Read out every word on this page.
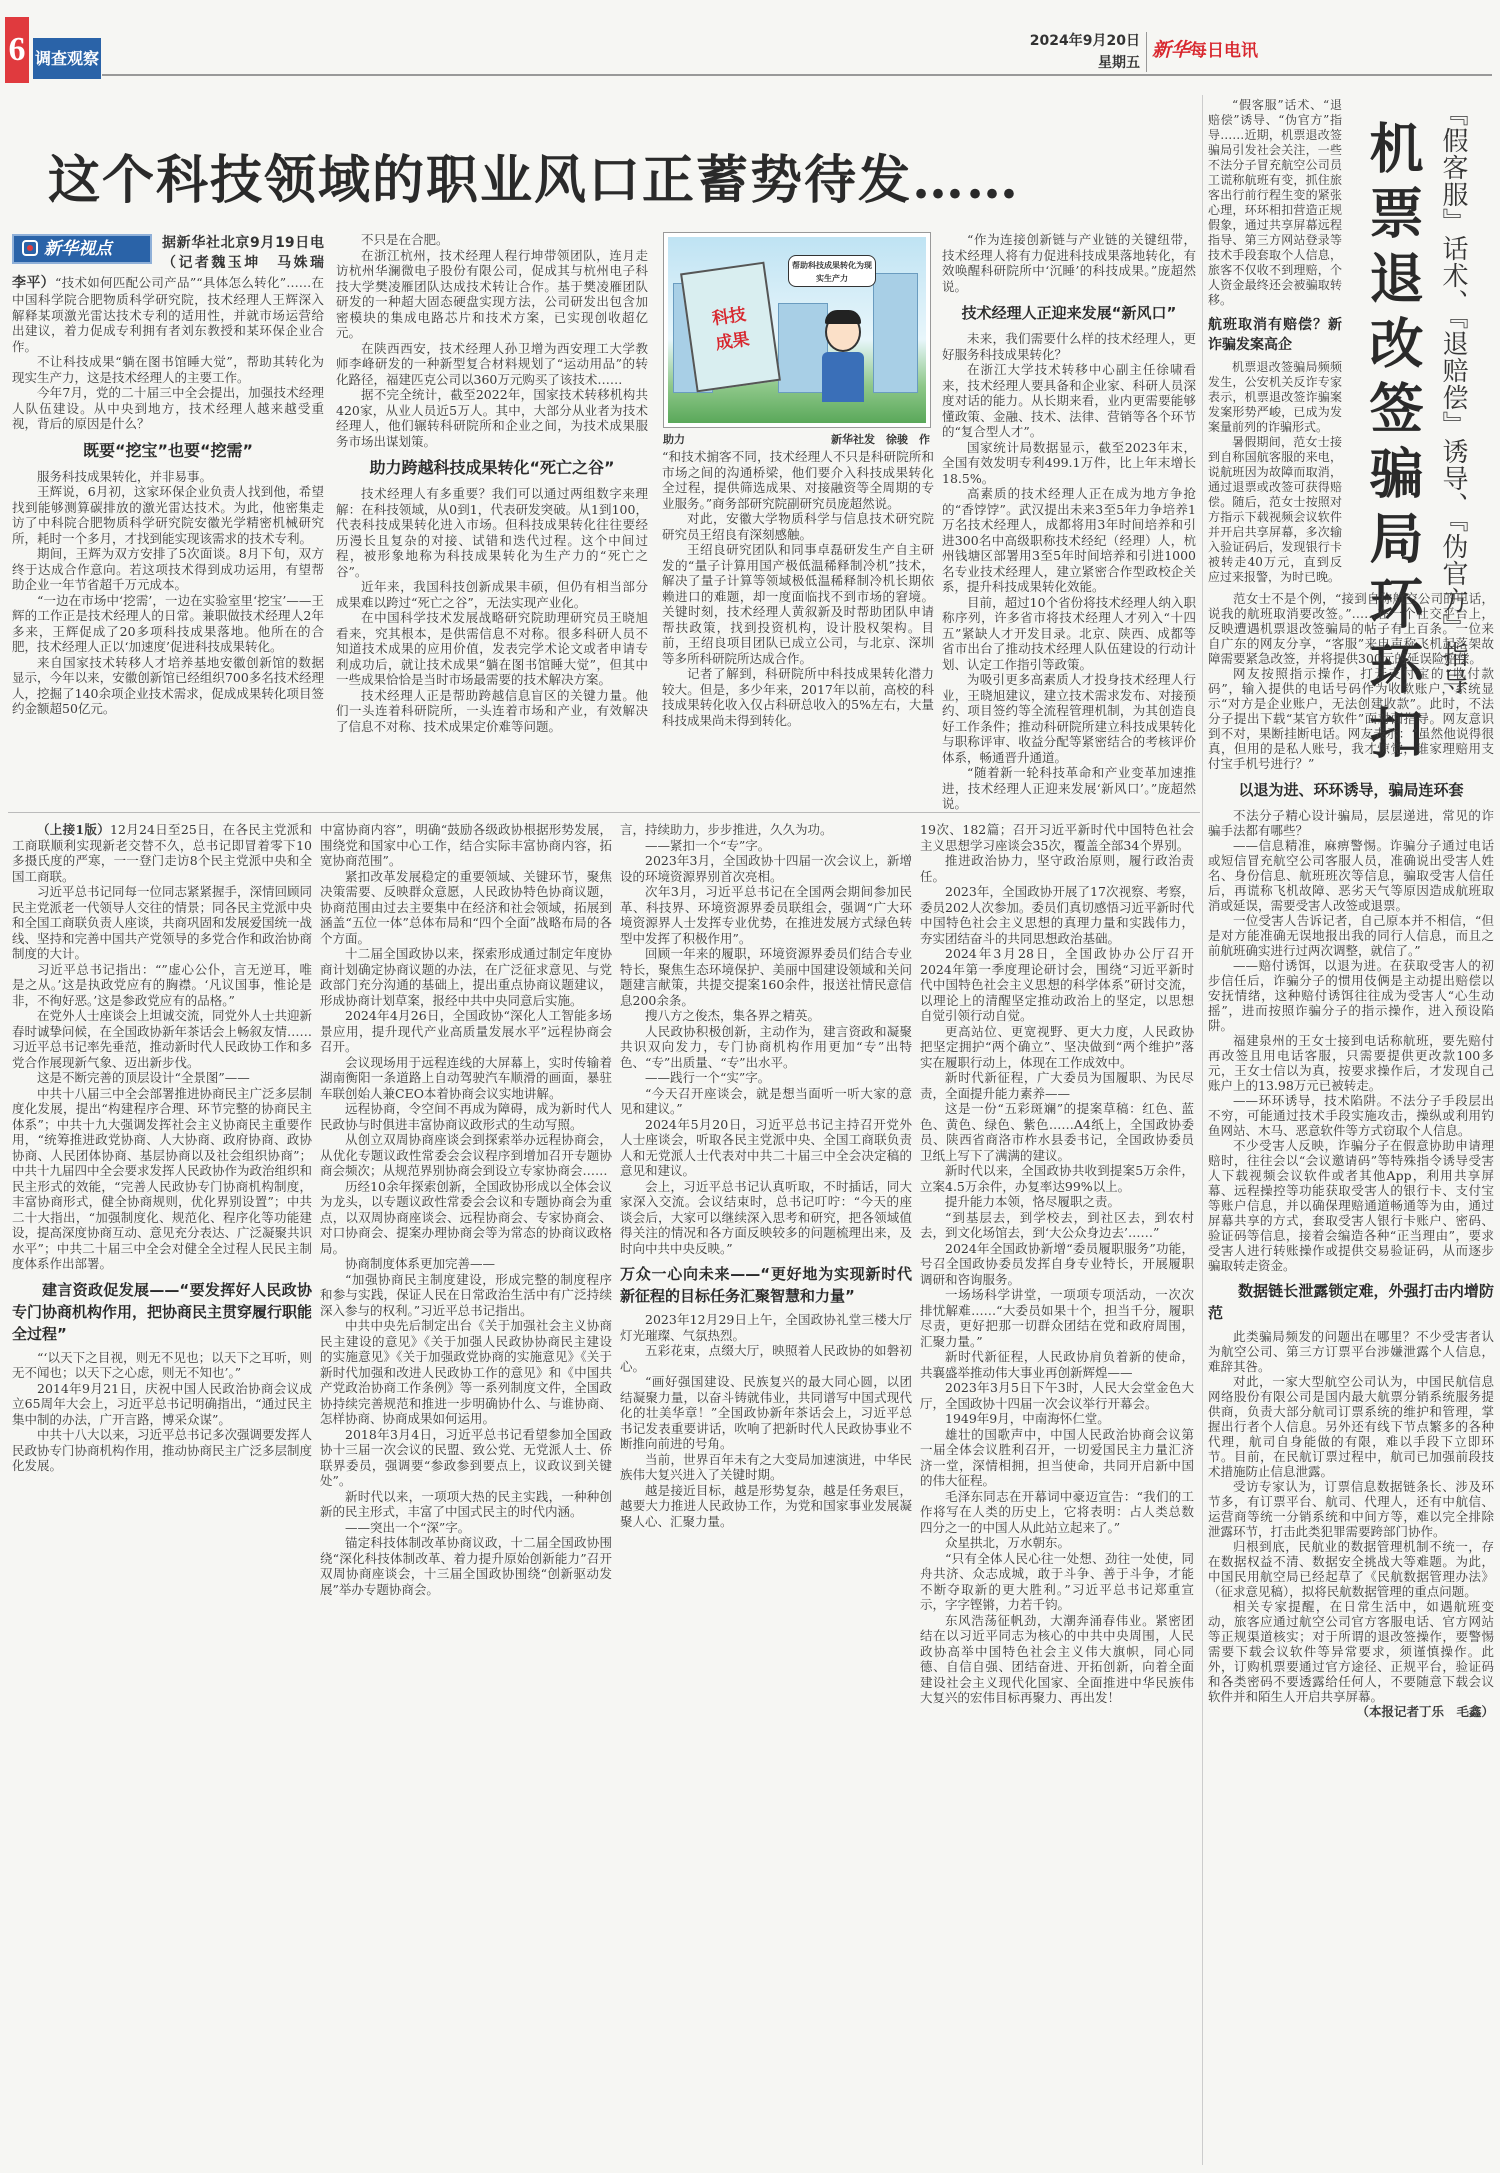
6 调查观察
2024年9月20日
星期五
新华每日电讯
这个科技领域的职业风口正蓄势待发……
新华视点	据新华社北京9月19日电（记者魏玉坤　马姝瑞　李平）“技术如何匹配公司产品”“具体怎么转化”……在中国科学院合肥物质科学研究院，技术经理人王辉深入解释某项激光雷达技术专利的适用性，并就市场运营给出建议，着力促成专利拥有者刘东教授和某环保企业合作。

不让科技成果“躺在图书馆睡大觉”，帮助其转化为现实生产力，这是技术经理人的主要工作。

今年7月，党的二十届三中全会提出，加强技术经理人队伍建设。从中央到地方，技术经理人越来越受重视，背后的原因是什么？

既要“挖宝”也要“挖需”

服务科技成果转化，并非易事。

王辉说，6月初，这家环保企业负责人找到他，希望找到能够测算碳排放的激光雷达技术。为此，他密集走访了中科院合肥物质科学研究院安徽光学精密机械研究所，耗时一个多月，才找到能实现该需求的技术专利。

期间，王辉为双方安排了5次面谈。8月下旬，双方终于达成合作意向。若这项技术得到成功运用，有望帮助企业一年节省超千万元成本。

“一边在市场中‘挖需’，一边在实验室里‘挖宝’——王辉的工作正是技术经理人的日常。兼职做技术经理人2年多来，王辉促成了20多项科技成果落地。他所在的合肥，技术经理人正以‘加速度’促进科技成果转化。

来自国家技术转移人才培养基地安徽创新馆的数据显示，今年以来，安徽创新馆已经组织700多名技术经理人，挖掘了140余项企业技术需求，促成成果转化项目签约金额超50亿元。

不只是在合肥。

在浙江杭州，技术经理人程行坤带领团队，连月走访杭州华澜微电子股份有限公司，促成其与杭州电子科技大学樊凌雁团队达成技术转让合作。基于樊凌雁团队研发的一种超大固态硬盘实现方法，公司研发出包含加密模块的集成电路芯片和技术方案，已实现创收超亿元。

在陕西西安，技术经理人孙卫增为西安理工大学教师李峰研发的一种新型复合材料规划了“运动用品”的转化路径，福建匹克公司以360万元购买了该技术……

据不完全统计，截至2022年，国家技术转移机构共420家，从业人员近5万人。其中，大部分从业者为技术经理人，他们辗转科研院所和企业之间，为技术成果服务市场出谋划策。

助力跨越科技成果转化“死亡之谷”

技术经理人有多重要？我们可以通过两组数字来理解：在科技领域，从0到1，代表研发突破。从1到100，代表科技成果转化进入市场。但科技成果转化往往要经历漫长且复杂的对接、试错和迭代过程。这个中间过程，被形象地称为科技成果转化为生产力的“死亡之谷”。

近年来，我国科技创新成果丰硕，但仍有相当部分成果难以跨过“死亡之谷”，无法实现产业化。

在中国科学技术发展战略研究院助理研究员王晓旭看来，究其根本，是供需信息不对称。很多科研人员不知道技术成果的应用价值，发表完学术论文或者申请专利成功后，就让技术成果“躺在图书馆睡大觉”，但其中一些成果恰恰是当时市场最需要的技术解决方案。

技术经理人正是帮助跨越信息盲区的关键力量。他们一头连着科研院所，一头连着市场和产业，有效解决了信息不对称、技术成果定价难等问题。

科技
成果
帮助科技成果转化为现实生产力
助力	新华社发　徐骏　作

“和技术掮客不同，技术经理人不只是科研院所和市场之间的沟通桥梁，他们要介入科技成果转化全过程，提供筛选成果、对接融资等全周期的专业服务。”商务部研究院副研究员庞超然说。

对此，安徽大学物质科学与信息技术研究院研究员王绍良有深刻感触。

王绍良研究团队和同事卓磊研发生产自主研发的“量子计算用国产极低温稀释制冷机”技术，解决了量子计算等领域极低温稀释制冷机长期依赖进口的难题，却一度面临找不到市场的窘境。关键时刻，技术经理人黄叙新及时帮助团队申请帮扶政策，找到投资机构，设计股权架构。目前，王绍良项目团队已成立公司，与北京、深圳等多所科研院所达成合作。

记者了解到，科研院所中科技成果转化潜力较大。但是，多少年来，2017年以前，高校的科技成果转化收入仅占科研总收入的5%左右，大量科技成果尚未得到转化。

“作为连接创新链与产业链的关键纽带，技术经理人将有力促进科技成果落地转化，有效唤醒科研院所中‘沉睡’的科技成果。”庞超然说。

技术经理人正迎来发展“新风口”

未来，我们需要什么样的技术经理人，更好服务科技成果转化？

在浙江大学技术转移中心副主任徐啸看来，技术经理人要具备和企业家、科研人员深度对话的能力。从长期来看，业内更需要能够懂政策、金融、技术、法律、营销等各个环节的“复合型人才”。

国家统计局数据显示，截至2023年末，全国有效发明专利499.1万件，比上年末增长18.5%。

高素质的技术经理人正在成为地方争抢的“香饽饽”。武汉提出未来3至5年力争培养1万名技术经理人，成都将用3年时间培养和引进300名中高级职称技术经纪（经理）人，杭州钱塘区部署用3至5年时间培养和引进1000名专业技术经理人，建立紧密合作型政校企关系，提升科技成果转化效能。

目前，超过10个省份将技术经理人纳入职称序列，许多省市将技术经理人才列入“十四五”紧缺人才开发目录。北京、陕西、成都等省市出台了推动技术经理人队伍建设的行动计划、认定工作指引等政策。

为吸引更多高素质人才投身技术经理人行业，王晓旭建议，建立技术需求发布、对接预约、项目签约等全流程管理机制，为其创造良好工作条件；推动科研院所建立科技成果转化与职称评审、收益分配等紧密结合的考核评价体系，畅通晋升通道。

“随着新一轮科技革命和产业变革加速推进，技术经理人正迎来发展‘新风口’。”庞超然说。

机票退改签骗局环环扣 『假客服』话术、『退赔偿』诱导、『伪官方』指导

“假客服”话术、“退赔偿”诱导、“伪官方”指导……近期，机票退改签骗局引发社会关注，一些不法分子冒充航空公司员工谎称航班有变，抓住旅客出行前行程生变的紧张心理，环环相扣营造正规假象，通过共享屏幕远程指导、第三方网站登录等技术手段套取个人信息，旅客不仅收不到理赔，个人资金最终还会被骗取转移。

航班取消有赔偿？新诈骗发案高企

机票退改签骗局频频发生，公安机关反诈专家表示，机票退改签诈骗案发案形势严峻，已成为发案量前列的诈骗形式。

暑假期间，范女士接到自称国航客服的来电，说航班因为故障而取消，通过退票或改签可获得赔偿。随后，范女士按照对方指示下载视频会议软件并开启共享屏幕，多次输入验证码后，发现银行卡被转走40万元，直到反应过来报警，为时已晚。

范女士不是个例，“接到自称航空公司的电话，说我的航班取消要改签。”……在一个社交平台上，反映遭遇机票退改签骗局的帖子有上百条。一位来自广东的网友分享，“客服”来电声称飞机起落架故障需要紧急改签，并将提供300元的延误险赔偿。

网友按照指示操作，打开支付宝的“收付款码”，输入提供的电话号码作为收款账户，系统显示“对方是企业账户，无法创建收款”。此时，不法分子提出下载“某官方软件”面对面指导。网友意识到不对，果断挂断电话。网友表示：“虽然他说得很真，但用的是私人账号，我才惊觉，谁家理赔用支付宝手机号进行？”

以退为进、环环诱导，骗局连环套

不法分子精心设计骗局，层层递进，常见的诈骗手法都有哪些？

——信息精准，麻痹警惕。诈骗分子通过电话或短信冒充航空公司客服人员，准确说出受害人姓名、身份信息、航班班次等信息，骗取受害人信任后，再谎称飞机故障、恶劣天气等原因造成航班取消或延误，需要受害人改签或退票。

一位受害人告诉记者，自己原本并不相信，“但是对方能准确无误地报出我的同行人信息，而且之前航班确实进行过两次调整，就信了。”

——赔付诱饵，以退为进。在获取受害人的初步信任后，诈骗分子的惯用伎俩是主动提出赔偿以安抚情绪，这种赔付诱饵往往成为受害人“心生动摇”，进而按照诈骗分子的指示操作，进入预设陷阱。

福建泉州的王女士接到电话称航班，要先赔付再改签且用电话客服，只需要提供更改款100多元，王女士信以为真，按要求操作后，才发现自己账户上的13.98万元已被转走。

——环环诱导，技术陷阱。不法分子手段层出不穷，可能通过技术手段实施攻击，操纵或利用钓鱼网站、木马、恶意软件等方式窃取个人信息。

不少受害人反映，诈骗分子在假意协助申请理赔时，往往会以“会议邀请码”等特殊指令诱导受害人下载视频会议软件或者其他App，利用共享屏幕、远程操控等功能获取受害人的银行卡、支付宝等账户信息，并以确保理赔通道畅通等为由，通过屏幕共享的方式，套取受害人银行卡账户、密码、验证码等信息，接着会编造各种“正当理由”，要求受害人进行转账操作或提供交易验证码，从而逐步骗取转走资金。

数据链长泄露锁定难，外强打击内增防范

此类骗局频发的问题出在哪里？不少受害者认为航空公司、第三方订票平台涉嫌泄露个人信息，难辞其咎。

对此，一家大型航空公司认为，中国民航信息网络股份有限公司是国内最大航票分销系统服务提供商，负责大部分航司订票系统的维护和管理，掌握出行者个人信息。另外还有线下节点繁多的各种代理，航司自身能做的有限，难以手段下立即环节。目前，在民航订票过程中，航司已加强前段技术措施防止信息泄露。

受访专家认为，订票信息数据链条长、涉及环节多，有订票平台、航司、代理人，还有中航信、运营商等统一分销系统和中间方等，难以完全排除泄露环节，打击此类犯罪需要跨部门协作。

归根到底，民航业的数据管理机制不统一，存在数据权益不清、数据安全挑战大等难题。为此，中国民用航空局已经起草了《民航数据管理办法》（征求意见稿），拟将民航数据管理的重点问题。

相关专家提醒，在日常生活中，如遇航班变动，旅客应通过航空公司官方客服电话、官方网站等正规渠道核实；对于所谓的退改签操作，要警惕需要下载会议软件等异常要求，须谨慎操作。此外，订购机票要通过官方途径、正规平台，验证码和各类密码不要透露给任何人，不要随意下载会议软件并和陌生人开启共享屏幕。

（本报记者丁乐　毛鑫）

（上接1版）12月24日至25日，在各民主党派和工商联顺利实现新老交替不久，总书记即冒着零下10多摄氏度的严寒，一一登门走访8个民主党派中央和全国工商联。

习近平总书记同每一位同志紧紧握手，深情回顾同民主党派老一代领导人交往的情景；同各民主党派中央和全国工商联负责人座谈，共商巩固和发展爱国统一战线、坚持和完善中国共产党领导的多党合作和政治协商制度的大计。

习近平总书记指出：“”虚心公仆，言无逆耳，唯是之从。’这是执政党应有的胸襟。‘凡议国事，惟论是非，不徇好恶。’这是参政党应有的品格。”

在党外人士座谈会上坦诚交流，同党外人士共迎新春时诚挚问候，在全国政协新年茶话会上畅叙友情……习近平总书记率先垂范，推动新时代人民政协工作和多党合作展现新气象、迈出新步伐。

这是不断完善的顶层设计“全景图”——

中共十八届三中全会部署推进协商民主广泛多层制度化发展，提出“构建程序合理、环节完整的协商民主体系”；中共十九大强调发挥社会主义协商民主重要作用，“统筹推进政党协商、人大协商、政府协商、政协协商、人民团体协商、基层协商以及社会组织协商”；中共十九届四中全会要求发挥人民政协作为政治组织和民主形式的效能，“完善人民政协专门协商机构制度，丰富协商形式，健全协商规则，优化界别设置”；中共二十大指出，“加强制度化、规范化、程序化等功能建设，提高深度协商互动、意见充分表达、广泛凝聚共识水平”；中共二十届三中全会对健全全过程人民民主制度体系作出部署。

建言资政促发展——“要发挥好人民政协专门协商机构作用，把协商民主贯穿履行职能全过程”

“‘以天下之目视，则无不见也；以天下之耳听，则无不闻也；以天下之心虑，则无不知也’。”

2014年9月21日，庆祝中国人民政治协商会议成立65周年大会上，习近平总书记明确指出，“通过民主集中制的办法，广开言路，博采众谋”。

中共十八大以来，习近平总书记多次强调要发挥人民政协专门协商机构作用，推动协商民主广泛多层制度化发展。

中富协商内容”，明确“鼓励各级政协根据形势发展，围绕党和国家中心工作，结合实际丰富协商内容，拓宽协商范围”。

紧扣改革发展稳定的重要领域、关键环节，聚焦决策需要、反映群众意愿，人民政协特色协商议题，协商范围由过去主要集中在经济和社会领域，拓展到涵盖“五位一体”总体布局和“四个全面”战略布局的各个方面。

十二届全国政协以来，探索形成通过制定年度协商计划确定协商议题的办法，在广泛征求意见、与党政部门充分沟通的基础上，提出重点协商议题建议，形成协商计划草案，报经中共中央同意后实施。

2024年4月26日，全国政协“深化人工智能多场景应用，提升现代产业高质量发展水平”远程协商会召开。

会议现场用于远程连线的大屏幕上，实时传输着湖南衡阳一条道路上自动驾驶汽车顺滑的画面，暴驻车联创始人兼CEO本着协商会议实地讲解。

远程协商，令空间不再成为障碍，成为新时代人民政协与时俱进丰富协商议政形式的生动写照。

从创立双周协商座谈会到探索举办远程协商会，从优化专题议政性常委会会议程序到增加召开专题协商会频次；从规范界别协商会到设立专家协商会……

历经10余年探索创新，全国政协形成以全体会议为龙头，以专题议政性常委会会议和专题协商会为重点，以双周协商座谈会、远程协商会、专家协商会、对口协商会、提案办理协商会等为常态的协商议政格局。

协商制度体系更加完善——

“加强协商民主制度建设，形成完整的制度程序和参与实践，保证人民在日常政治生活中有广泛持续深入参与的权利。”习近平总书记指出。

中共中央先后制定出台《关于加强社会主义协商民主建设的意见》《关于加强人民政协协商民主建设的实施意见》《关于加强政党协商的实施意见》《关于新时代加强和改进人民政协工作的意见》和《中国共产党政治协商工作条例》等一系列制度文件，全国政协持续完善规范和推进一步明确协什么、与谁协商、怎样协商、协商成果如何运用。

2018年3月4日，习近平总书记看望参加全国政协十三届一次会议的民盟、致公党、无党派人士、侨联界委员，强调要“参政参到要点上，议政议到关键处”。

新时代以来，一项项大热的民主实践，一种种创新的民主形式，丰富了中国式民主的时代内涵。

——突出一个“深”字。

锚定科技体制改革协商议政，十二届全国政协围绕“深化科技体制改革、着力提升原始创新能力”召开双周协商座谈会，十三届全国政协围绕“创新驱动发展”举办专题协商会。

言，持续助力，步步推进，久久为功。

——紧扣一个“专”字。

2023年3月，全国政协十四届一次会议上，新增设的环境资源界别首次亮相。

次年3月，习近平总书记在全国两会期间参加民革、科技界、环境资源界委员联组会，强调“广大环境资源界人士发挥专业优势，在推进发展方式绿色转型中发挥了积极作用”。

回顾一年来的履职，环境资源界委员们结合专业特长，聚焦生态环境保护、美丽中国建设领域和关问题建言献策，共提交提案160余件，报送社情民意信息200余条。

搜八方之俊杰，集各界之精英。

人民政协积极创新，主动作为，建言资政和凝聚共识双向发力，专门协商机构作用更加“专”出特色、“专”出质量、“专”出水平。

——践行一个“实”字。

“今天召开座谈会，就是想当面听一听大家的意见和建议。”

2024年5月20日，习近平总书记主持召开党外人士座谈会，听取各民主党派中央、全国工商联负责人和无党派人士代表对中共二十届三中全会决定稿的意见和建议。

会上，习近平总书记认真听取，不时插话，同大家深入交流。会议结束时，总书记叮咛：“今天的座谈会后，大家可以继续深入思考和研究，把各领域值得关注的情况和各方面反映较多的问题梳理出来，及时向中共中央反映。”

万众一心向未来——“更好地为实现新时代新征程的目标任务汇聚智慧和力量”

2023年12月29日上午，全国政协礼堂三楼大厅灯光璀璨、气氛热烈。

五彩花束，点缀大厅，映照着人民政协的如磐初心。

“画好强国建设、民族复兴的最大同心圆，以团结凝聚力量，以奋斗铸就伟业，共同谱写中国式现代化的壮美华章！”全国政协新年茶话会上，习近平总书记发表重要讲话，吹响了把新时代人民政协事业不断推向前进的号角。

当前，世界百年未有之大变局加速演进，中华民族伟大复兴进入了关键时期。

越是接近目标，越是形势复杂，越是任务艰巨，越要大力推进人民政协工作，为党和国家事业发展凝聚人心、汇聚力量。

19次、182篇；召开习近平新时代中国特色社会主义思想学习座谈会35次，覆盖全部34个界别。

推进政治协力，坚守政治原则，履行政治责任。

2023年，全国政协开展了17次视察、考察，委员202人次参加。委员们真切感悟习近平新时代中国特色社会主义思想的真理力量和实践伟力，夯实团结奋斗的共同思想政治基础。

2024年3月28日，全国政协办公厅召开2024年第一季度理论研讨会，围绕“习近平新时代中国特色社会主义思想的科学体系”研讨交流，以理论上的清醒坚定推动政治上的坚定，以思想自觉引领行动自觉。

更高站位、更宽视野、更大力度，人民政协把坚定拥护“两个确立”、坚决做到“两个维护”落实在履职行动上，体现在工作成效中。

新时代新征程，广大委员为国履职、为民尽责，全面提升能力素养——

这是一份“五彩斑斓”的提案草稿：红色、蓝色、黄色、绿色、紫色……A4纸上，全国政协委员、陕西省商洛市柞水县委书记，全国政协委员卫纸上写下了满满的建议。

新时代以来，全国政协共收到提案5万余件，立案4.5万余件，办复率达99%以上。

提升能力本领，恪尽履职之责。

“到基层去，到学校去，到社区去，到农村去，到文化场馆去，到‘大公众身边去’……”

2024年全国政协新增“委员履职服务”功能，号召全国政协委员发挥自身专业特长，开展履职调研和咨询服务。

一场场科学讲堂，一项项专项活动，一次次排忧解难……“大委员如果十个，担当千分，履职尽责，更好把那一切群众团结在党和政府周围，汇聚力量。”

新时代新征程，人民政协肩负着新的使命，共襄盛举推动伟大事业再创新辉煌——

2023年3月5日下午3时，人民大会堂金色大厅，全国政协十四届一次会议举行开幕会。

1949年9月，中南海怀仁堂。

雄壮的国歌声中，中国人民政治协商会议第一届全体会议胜利召开，一切爱国民主力量汇济济一堂，深情相拥，担当使命，共同开启新中国的伟大征程。

毛泽东同志在开幕词中豪迈宣告：“我们的工作将写在人类的历史上，它将表明：占人类总数四分之一的中国人从此站立起来了。”

众星拱北，万水朝东。

“只有全体人民心往一处想、劲往一处使，同舟共济、众志成城，敢于斗争、善于斗争，才能不断夺取新的更大胜利。”习近平总书记郑重宣示，字字铿锵，力若千钧。

东风浩荡征帆劲，大潮奔涌春伟业。紧密团结在以习近平同志为核心的中共中央周围，人民政协高举中国特色社会主义伟大旗帜，同心同德、自信自强、团结奋进、开拓创新，向着全面建设社会主义现代化国家、全面推进中华民族伟大复兴的宏伟目标再聚力、再出发！
